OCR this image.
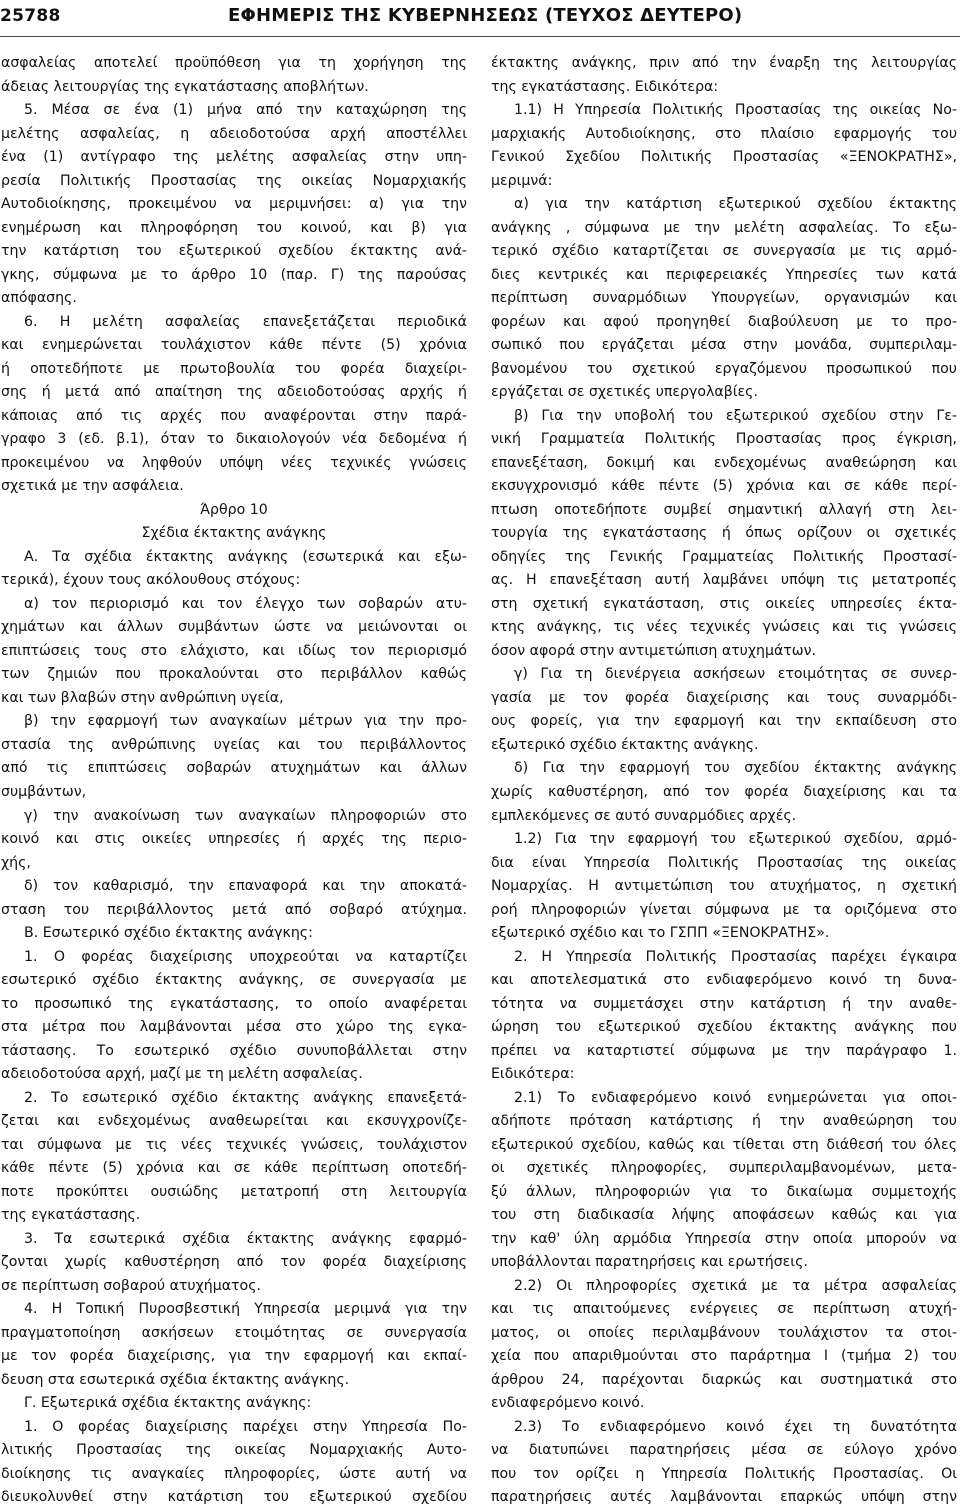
25788	ΕΦΗΜΕΡΙΣ ΤΗΣ ΚΥΒΕΡΝΗΣΕΩΣ (ΤΕΥΧΟΣ ΔΕΥΤΕΡΟ)
ασφαλείας αποτελεί προϋπόθεση για τη χορήγηση της
άδειας λειτουργίας της εγκατάστασης αποβλήτων.
5. Μέσα σε ένα (1) μήνα από την καταχώρηση της
μελέτης ασφαλείας, η αδειοδοτούσα αρχή αποστέλλει
ένα (1) αντίγραφο της μελέτης ασφαλείας στην υπη-
ρεσία Πολιτικής Προστασίας της οικείας Νομαρχιακής
Αυτοδιοίκησης, προκειμένου να μεριμνήσει: α) για την
ενημέρωση και πληροφόρηση του κοινού, και β) για
την κατάρτιση του εξωτερικού σχεδίου έκτακτης ανά-
γκης, σύμφωνα με το άρθρο 10 (παρ. Γ) της παρούσας
απόφασης.
6. Η μελέτη ασφαλείας επανεξετάζεται περιοδικά
και ενημερώνεται τουλάχιστον κάθε πέντε (5) χρόνια
ή οποτεδήποτε με πρωτοβουλία του φορέα διαχείρι-
σης ή μετά από απαίτηση της αδειοδοτούσας αρχής ή
κάποιας από τις αρχές που αναφέρονται στην παρά-
γραφο 3 (εδ. β.1), όταν το δικαιολογούν νέα δεδομένα ή
προκειμένου να ληφθούν υπόψη νέες τεχνικές γνώσεις
σχετικά με την ασφάλεια.
Άρθρο 10
Σχέδια έκτακτης ανάγκης
Α. Τα σχέδια έκτακτης ανάγκης (εσωτερικά και εξω-
τερικά), έχουν τους ακόλουθους στόχους:
α) τον περιορισμό και τον έλεγχο των σοβαρών ατυ-
χημάτων και άλλων συμβάντων ώστε να μειώνονται οι
επιπτώσεις τους στο ελάχιστο, και ιδίως τον περιορισμό
των ζημιών που προκαλούνται στο περιβάλλον καθώς
και των βλαβών στην ανθρώπινη υγεία,
β) την εφαρμογή των αναγκαίων μέτρων για την προ-
στασία της ανθρώπινης υγείας και του περιβάλλοντος
από τις επιπτώσεις σοβαρών ατυχημάτων και άλλων
συμβάντων,
γ) την ανακοίνωση των αναγκαίων πληροφοριών στο
κοινό και στις οικείες υπηρεσίες ή αρχές της περιο-
χής,
δ) τον καθαρισμό, την επαναφορά και την αποκατά-
σταση του περιβάλλοντος μετά από σοβαρό ατύχημα.
Β. Εσωτερικό σχέδιο έκτακτης ανάγκης:
1. Ο φορέας διαχείρισης υποχρεούται να καταρτίζει
εσωτερικό σχέδιο έκτακτης ανάγκης, σε συνεργασία με
το προσωπικό της εγκατάστασης, το οποίο αναφέρεται
στα μέτρα που λαμβάνονται μέσα στο χώρο της εγκα-
τάστασης. Το εσωτερικό σχέδιο συνυποβάλλεται στην
αδειοδοτούσα αρχή, μαζί με τη μελέτη ασφαλείας.
2. Το εσωτερικό σχέδιο έκτακτης ανάγκης επανεξετά-
ζεται και ενδεχομένως αναθεωρείται και εκσυγχρονίζε-
ται σύμφωνα με τις νέες τεχνικές γνώσεις, τουλάχιστον
κάθε πέντε (5) χρόνια και σε κάθε περίπτωση οποτεδή-
ποτε προκύπτει ουσιώδης μετατροπή στη λειτουργία
της εγκατάστασης.
3. Τα εσωτερικά σχέδια έκτακτης ανάγκης εφαρμό-
ζονται χωρίς καθυστέρηση από τον φορέα διαχείρισης
σε περίπτωση σοβαρού ατυχήματος.
4. Η Τοπική Πυροσβεστική Υπηρεσία μεριμνά για την
πραγματοποίηση ασκήσεων ετοιμότητας σε συνεργασία
με τον φορέα διαχείρισης, για την εφαρμογή και εκπαί-
δευση στα εσωτερικά σχέδια έκτακτης ανάγκης.
Γ. Εξωτερικά σχέδια έκτακτης ανάγκης:
1. Ο φορέας διαχείρισης παρέχει στην Υπηρεσία Πο-
λιτικής Προστασίας της οικείας Νομαρχιακής Αυτο-
διοίκησης τις αναγκαίες πληροφορίες, ώστε αυτή να
διευκολυνθεί στην κατάρτιση του εξωτερικού σχεδίου
έκτακτης ανάγκης, πριν από την έναρξη της λειτουργίας
της εγκατάστασης. Ειδικότερα:
1.1) Η Υπηρεσία Πολιτικής Προστασίας της οικείας Νο-
μαρχιακής Αυτοδιοίκησης, στο πλαίσιο εφαρμογής του
Γενικού Σχεδίου Πολιτικής Προστασίας «ΞΕΝΟΚΡΑΤΗΣ»,
μεριμνά:
α) για την κατάρτιση εξωτερικού σχεδίου έκτακτης
ανάγκης , σύμφωνα με την μελέτη ασφαλείας. Το εξω-
τερικό σχέδιο καταρτίζεται σε συνεργασία με τις αρμό-
διες κεντρικές και περιφερειακές Υπηρεσίες των κατά
περίπτωση συναρμόδιων Υπουργείων, οργανισμών και
φορέων και αφού προηγηθεί διαβούλευση με το προ-
σωπικό που εργάζεται μέσα στην μονάδα, συμπεριλαμ-
βανομένου του σχετικού εργαζόμενου προσωπικού που
εργάζεται σε σχετικές υπεργολαβίες.
β) Για την υποβολή του εξωτερικού σχεδίου στην Γε-
νική Γραμματεία Πολιτικής Προστασίας προς έγκριση,
επανεξέταση, δοκιμή και ενδεχομένως αναθεώρηση και
εκσυγχρονισμό κάθε πέντε (5) χρόνια και σε κάθε περί-
πτωση οποτεδήποτε συμβεί σημαντική αλλαγή στη λει-
τουργία της εγκατάστασης ή όπως ορίζουν οι σχετικές
οδηγίες της Γενικής Γραμματείας Πολιτικής Προστασί-
ας. Η επανεξέταση αυτή λαμβάνει υπόψη τις μετατροπές
στη σχετική εγκατάσταση, στις οικείες υπηρεσίες έκτα-
κτης ανάγκης, τις νέες τεχνικές γνώσεις και τις γνώσεις
όσον αφορά στην αντιμετώπιση ατυχημάτων.
γ) Για τη διενέργεια ασκήσεων ετοιμότητας σε συνερ-
γασία με τον φορέα διαχείρισης και τους συναρμόδι-
ους φορείς, για την εφαρμογή και την εκπαίδευση στο
εξωτερικό σχέδιο έκτακτης ανάγκης.
δ) Για την εφαρμογή του σχεδίου έκτακτης ανάγκης
χωρίς καθυστέρηση, από τον φορέα διαχείρισης και τα
εμπλεκόμενες σε αυτό συναρμόδιες αρχές.
1.2) Για την εφαρμογή του εξωτερικού σχεδίου, αρμό-
δια είναι Υπηρεσία Πολιτικής Προστασίας της οικείας
Νομαρχίας. Η αντιμετώπιση του ατυχήματος, η σχετική
ροή πληροφοριών γίνεται σύμφωνα με τα οριζόμενα στο
εξωτερικό σχέδιο και το ΓΣΠΠ «ΞΕΝΟΚΡΑΤΗΣ».
2. Η Υπηρεσία Πολιτικής Προστασίας παρέχει έγκαιρα
και αποτελεσματικά στο ενδιαφερόμενο κοινό τη δυνα-
τότητα να συμμετάσχει στην κατάρτιση ή την αναθε-
ώρηση του εξωτερικού σχεδίου έκτακτης ανάγκης που
πρέπει να καταρτιστεί σύμφωνα με την παράγραφο 1.
Ειδικότερα:
2.1) Το ενδιαφερόμενο κοινό ενημερώνεται για οποι-
αδήποτε πρόταση κατάρτισης ή την αναθεώρηση του
εξωτερικού σχεδίου, καθώς και τίθεται στη διάθεσή του όλες
οι σχετικές πληροφορίες, συμπεριλαμβανομένων, μετα-
ξύ άλλων, πληροφοριών για το δικαίωμα συμμετοχής
του στη διαδικασία λήψης αποφάσεων καθώς και για
την καθ' ύλη αρμόδια Υπηρεσία στην οποία μπορούν να
υποβάλλονται παρατηρήσεις και ερωτήσεις.
2.2) Οι πληροφορίες σχετικά με τα μέτρα ασφαλείας
και τις απαιτούμενες ενέργειες σε περίπτωση ατυχή-
ματος, οι οποίες περιλαμβάνουν τουλάχιστον τα στοι-
χεία που απαριθμούνται στο παράρτημα Ι (τμήμα 2) του
άρθρου 24, παρέχονται διαρκώς και συστηματικά στο
ενδιαφερόμενο κοινό.
2.3) Το ενδιαφερόμενο κοινό έχει τη δυνατότητα
να διατυπώνει παρατηρήσεις μέσα σε εύλογο χρόνο
που τον ορίζει η Υπηρεσία Πολιτικής Προστασίας. Οι
παρατηρήσεις αυτές λαμβάνονται επαρκώς υπόψη στην
